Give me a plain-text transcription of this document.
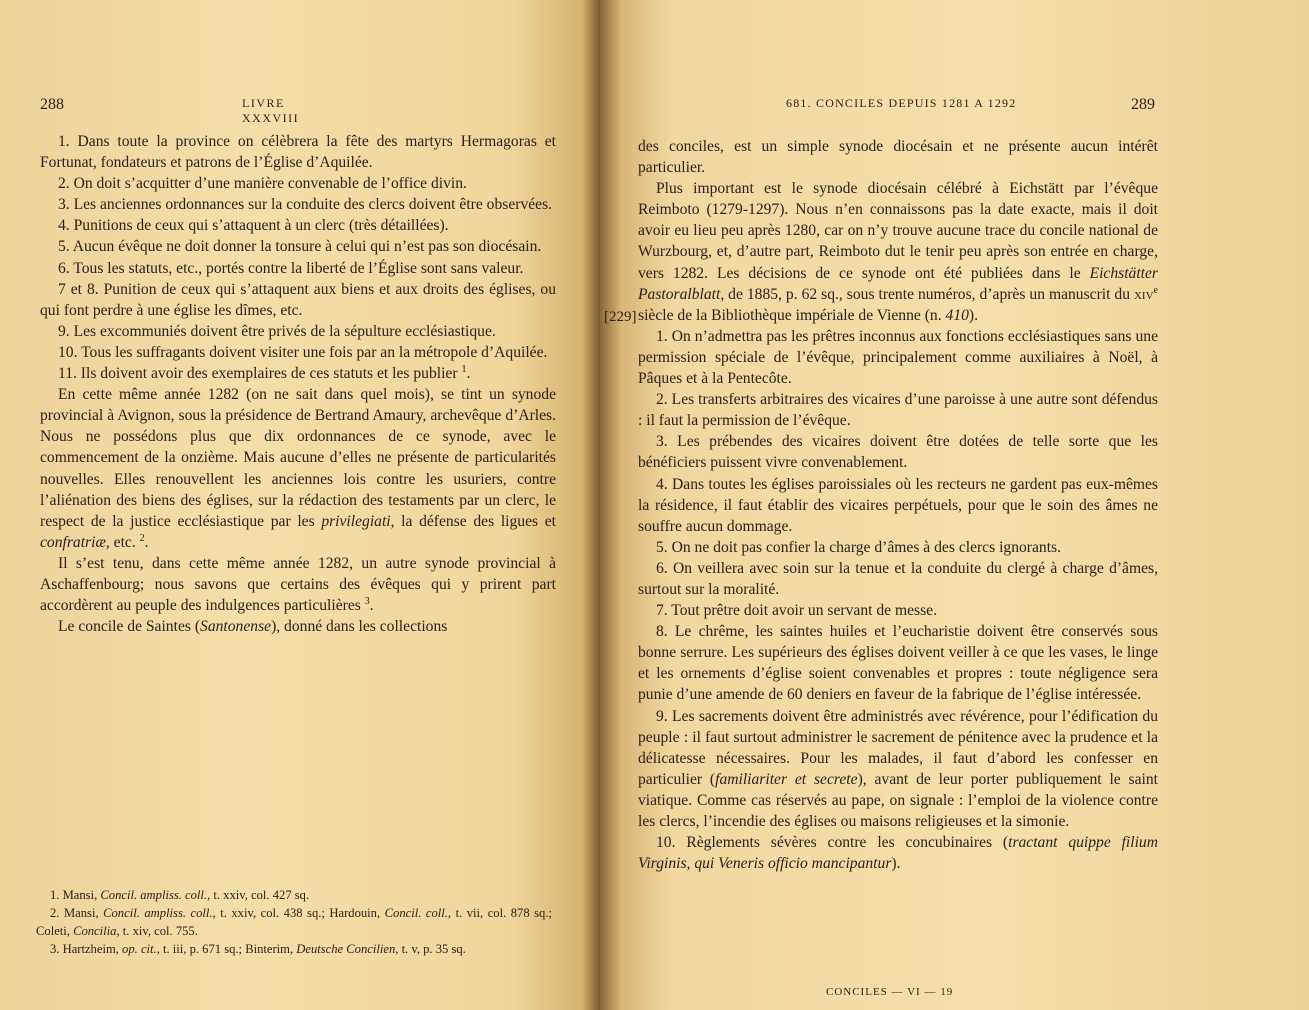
288	LIVRE XXXVIII

1. Dans toute la province on célèbrera la fête des martyrs Hermagoras et Fortunat, fondateurs et patrons de l’Église d’Aquilée.

2. On doit s’acquitter d’une manière convenable de l’office divin.

3. Les anciennes ordonnances sur la conduite des clercs doivent être observées.

4. Punitions de ceux qui s’attaquent à un clerc (très détaillées).

5. Aucun évêque ne doit donner la tonsure à celui qui n’est pas son diocésain.

6. Tous les statuts, etc., portés contre la liberté de l’Église sont sans valeur.

7 et 8. Punition de ceux qui s’attaquent aux biens et aux droits des églises, ou qui font perdre à une église les dîmes, etc.

9. Les excommuniés doivent être privés de la sépulture ecclésiastique.

10. Tous les suffragants doivent visiter une fois par an la métropole d’Aquilée.

11. Ils doivent avoir des exemplaires de ces statuts et les publier $^1$.

En cette même année 1282 (on ne sait dans quel mois), se tint un synode provincial à Avignon, sous la présidence de Bertrand Amaury, archevêque d’Arles. Nous ne possédons plus que dix ordonnances de ce synode, avec le commencement de la onzième. Mais aucune d’elles ne présente de particularités nouvelles. Elles renouvellent les anciennes lois contre les usuriers, contre l’aliénation des biens des églises, sur la rédaction des testaments par un clerc, le respect de la justice ecclésiastique par les privilegiati, la défense des ligues et confratriæ, etc. $^2$.

Il s’est tenu, dans cette même année 1282, un autre synode provincial à Aschaffenbourg; nous savons que certains des évêques qui y prirent part accordèrent au peuple des indulgences particulières $^3$.

Le concile de Saintes (Santonense), donné dans les collections

1. Mansi, Concil. ampliss. coll., t. xxiv, col. 427 sq.

2. Mansi, Concil. ampliss. coll., t. xxiv, col. 438 sq.; Hardouin, Concil. coll., t. vii, col. 878 sq.; Coleti, Concilia, t. xiv, col. 755.

3. Hartzheim, op. cit., t. iii, p. 671 sq.; Binterim, Deutsche Concilien, t. v, p. 35 sq.

681. CONCILES DEPUIS 1281 A 1292	289
[229]

des conciles, est un simple synode diocésain et ne présente aucun intérêt particulier.

Plus important est le synode diocésain célébré à Eichstätt par l’évêque Reimboto (1279-1297). Nous n’en connaissons pas la date exacte, mais il doit avoir eu lieu peu après 1280, car on n’y trouve aucune trace du concile national de Wurzbourg, et, d’autre part, Reimboto dut le tenir peu après son entrée en charge, vers 1282. Les décisions de ce synode ont été publiées dans le Eichstätter Pastoralblatt, de 1885, p. 62 sq., sous trente numéros, d’après un manuscrit du xiv$^e$ siècle de la Bibliothèque impériale de Vienne (n. 410).

1. On n’admettra pas les prêtres inconnus aux fonctions ecclésiastiques sans une permission spéciale de l’évêque, principalement comme auxiliaires à Noël, à Pâques et à la Pentecôte.

2. Les transferts arbitraires des vicaires d’une paroisse à une autre sont défendus : il faut la permission de l’évêque.

3. Les prébendes des vicaires doivent être dotées de telle sorte que les bénéficiers puissent vivre convenablement.

4. Dans toutes les églises paroissiales où les recteurs ne gardent pas eux-mêmes la résidence, il faut établir des vicaires perpétuels, pour que le soin des âmes ne souffre aucun dommage.

5. On ne doit pas confier la charge d’âmes à des clercs ignorants.

6. On veillera avec soin sur la tenue et la conduite du clergé à charge d’âmes, surtout sur la moralité.

7. Tout prêtre doit avoir un servant de messe.

8. Le chrême, les saintes huiles et l’eucharistie doivent être conservés sous bonne serrure. Les supérieurs des églises doivent veiller à ce que les vases, le linge et les ornements d’église soient convenables et propres : toute négligence sera punie d’une amende de 60 deniers en faveur de la fabrique de l’église intéressée.

9. Les sacrements doivent être administrés avec révérence, pour l’édification du peuple : il faut surtout administrer le sacrement de pénitence avec la prudence et la délicatesse nécessaires. Pour les malades, il faut d’abord les confesser en particulier (familiariter et secrete), avant de leur porter publiquement le saint viatique. Comme cas réservés au pape, on signale : l’emploi de la violence contre les clercs, l’incendie des églises ou maisons religieuses et la simonie.

10. Règlements sévères contre les concubinaires (tractant quippe filium Virginis, qui Veneris officio mancipantur).

CONCILES — VI — 19
